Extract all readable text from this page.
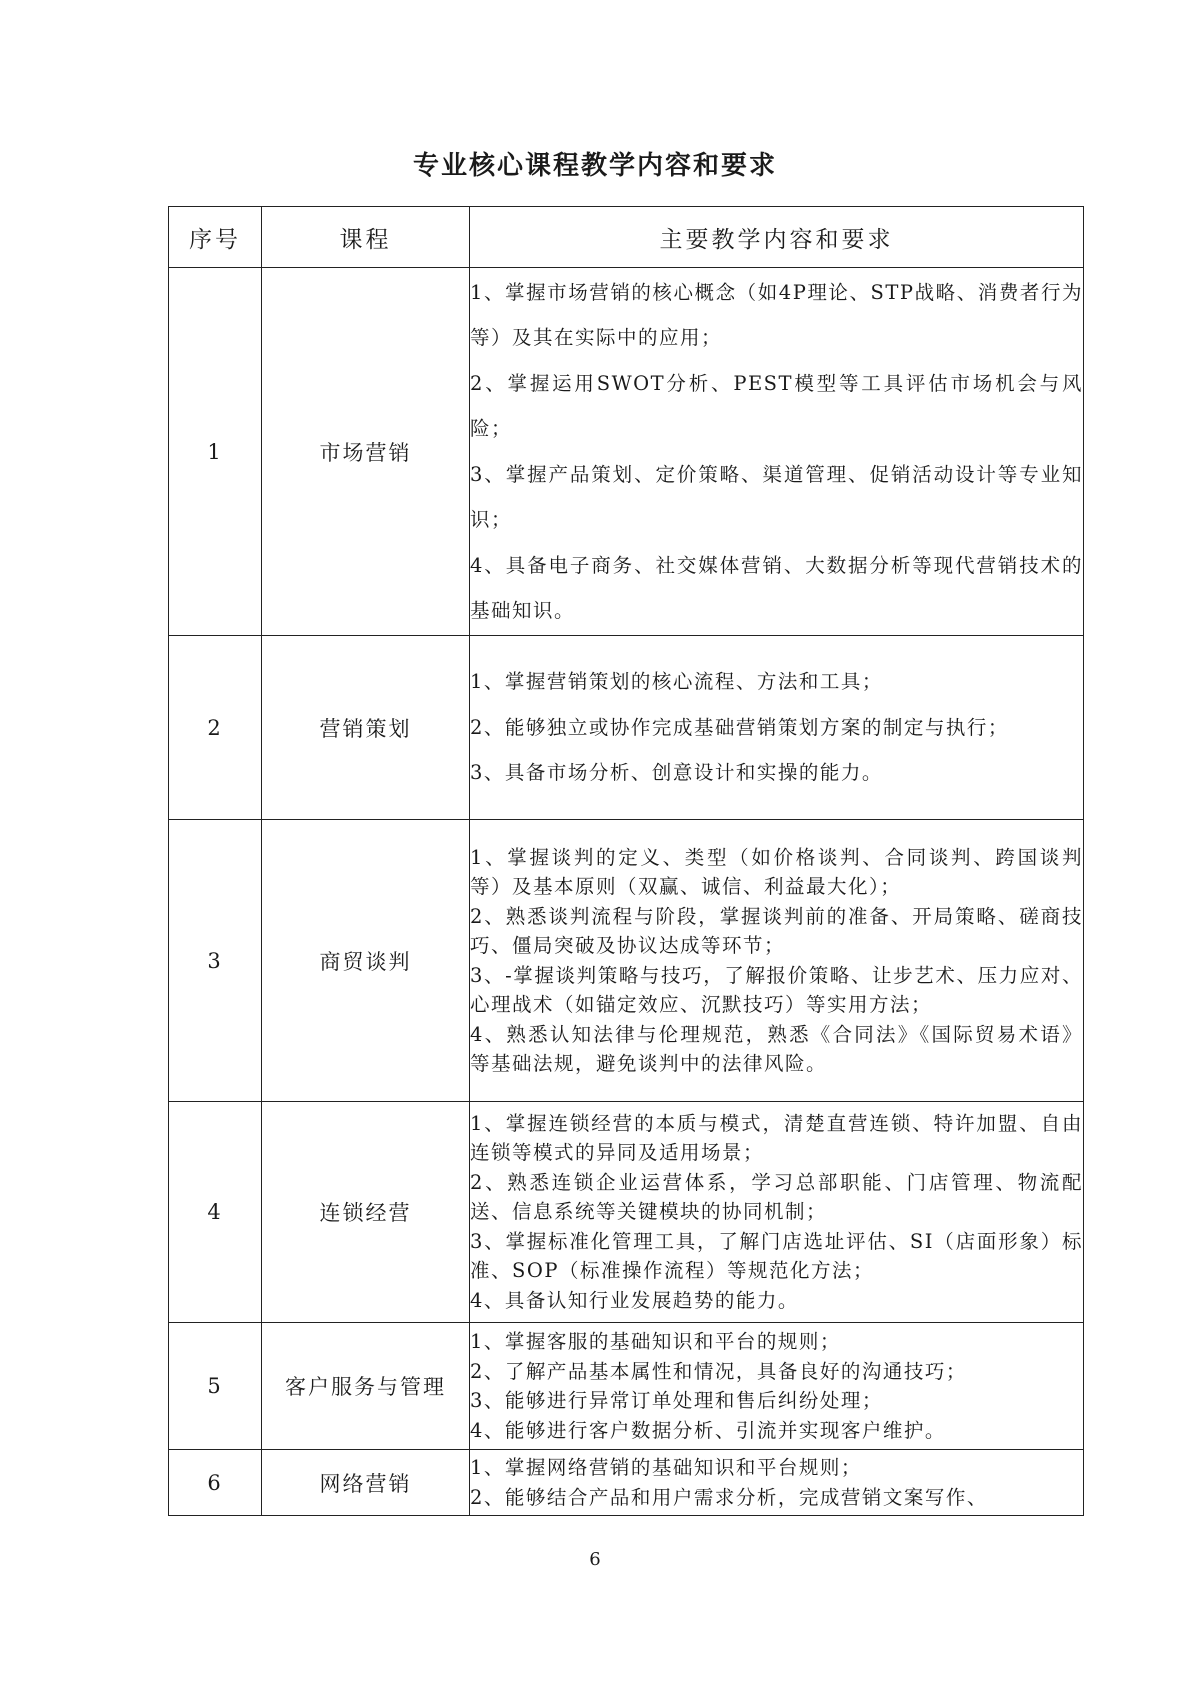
专业核心课程教学内容和要求
序号	课程	主要教学内容和要求
1	市场营销	1、掌握市场营销的核心概念（如4P理论、STP战略、消费者行为等）及其在实际中的应用；

2、掌握运用SWOT分析、PEST模型等工具评估市场机会与风险；

3、掌握产品策划、定价策略、渠道管理、促销活动设计等专业知识；

4、具备电子商务、社交媒体营销、大数据分析等现代营销技术的基础知识。

2	营销策划	1、掌握营销策划的核心流程、方法和工具；

2、能够独立或协作完成基础营销策划方案的制定与执行；

3、具备市场分析、创意设计和实操的能力。

3	商贸谈判	1、掌握谈判的定义、类型（如价格谈判、合同谈判、跨国谈判等）及基本原则（双赢、诚信、利益最大化）；

2、熟悉谈判流程与阶段，掌握谈判前的准备、开局策略、磋商技巧、僵局突破及协议达成等环节；

3、-掌握谈判策略与技巧，了解报价策略、让步艺术、压力应对、心理战术（如锚定效应、沉默技巧）等实用方法；

4、熟悉认知法律与伦理规范，熟悉《合同法》《国际贸易术语》等基础法规，避免谈判中的法律风险。

4	连锁经营	1、掌握连锁经营的本质与模式，清楚直营连锁、特许加盟、自由连锁等模式的异同及适用场景；

2、熟悉连锁企业运营体系，学习总部职能、门店管理、物流配送、信息系统等关键模块的协同机制；

3、掌握标准化管理工具，了解门店选址评估、SI（店面形象）标准、SOP（标准操作流程）等规范化方法；

4、具备认知行业发展趋势的能力。

5	客户服务与管理	1、掌握客服的基础知识和平台的规则；

2、了解产品基本属性和情况，具备良好的沟通技巧；

3、能够进行异常订单处理和售后纠纷处理；

4、能够进行客户数据分析、引流并实现客户维护。

6	网络营销	1、掌握网络营销的基础知识和平台规则；

2、能够结合产品和用户需求分析，完成营销文案写作、

6
